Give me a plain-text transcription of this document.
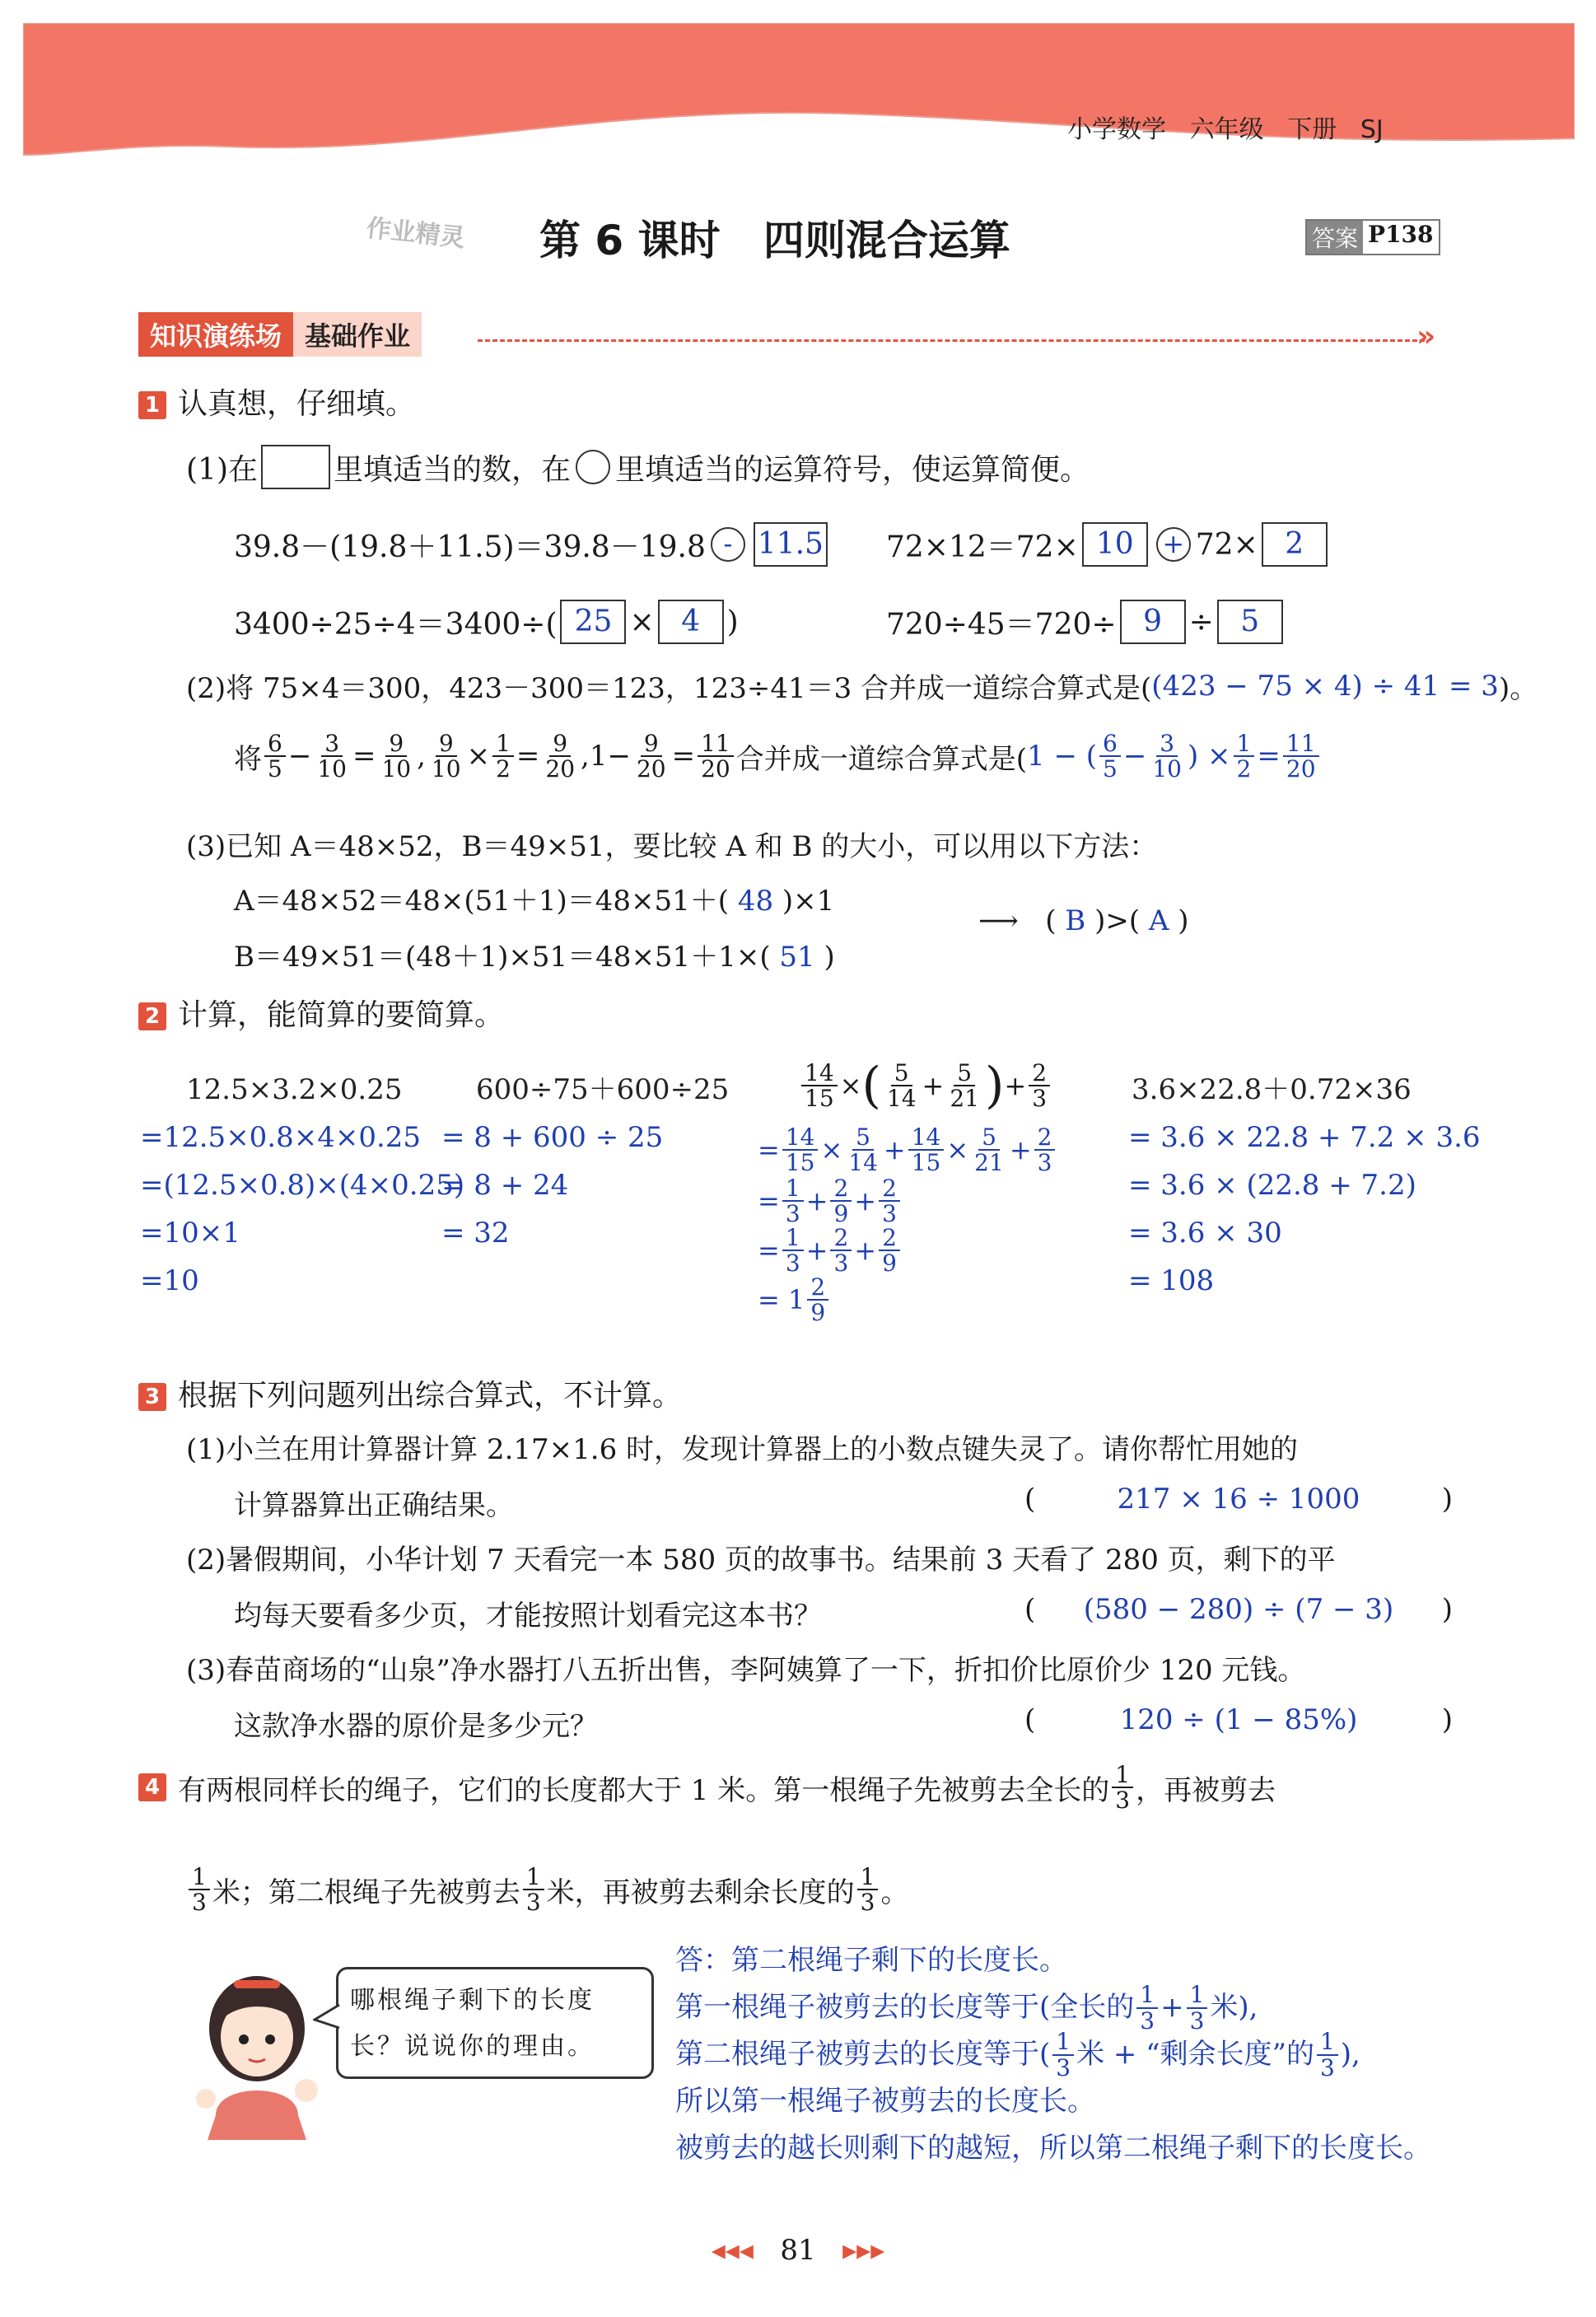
小学数学 六年级 下册 SJ
作业精灵 第 6 课时 四则混合运算	答案 P138
知识演练场 基础作业	»
1 认真想，仔细填。
(1)在	里填适当的数，在 里填适当的运算符号，使运算简便。
39.8－(19.8＋11.5)＝39.8－19.8 - 11.5 72×12＝72× 10	+ 72× 2
3400÷25÷4＝3400÷( 25 × 4 )	720÷45＝720÷ 9 ÷ 5
(2)将 75×4＝300，423－300＝123，123÷41＝3 合并成一道综合算式是( (423 − 75 × 4) ÷ 41 = 3 )。
将 $\frac{6}{5} - \frac{3}{10} = \frac{9}{10}$ , $\frac{9}{10} \times \frac{1}{2} = \frac{9}{20} ,1- \frac{9}{20} = \frac{11}{20}$ 合并成一道综合算式是( 1 − ( $\frac{6}{5} - \frac{3}{10}$ ) × $\frac{1}{2} = \frac{11}{20}$
(3)已知 A＝48×52，B＝49×51，要比较 A 和 B 的大小，可以用以下方法：
A＝48×52＝48×(51＋1)＝48×51＋( 48 )×1
B＝49×51＝(48＋1)×51＝48×51＋1×( 51 )
⟶ ( B )>( A )
2 计算，能简算的要简算。
12.5×3.2×0.25
=12.5×0.8×4×0.25
=(12.5×0.8)×(4×0.25)
=10×1
=10
600÷75＋600÷25
= 8 + 600 ÷ 25
= 8 + 24
= 32
$\frac{14}{15}$ × ( $\frac{5}{14} + \frac{5}{21}$ ) + $\frac{2}{3}$
= $\frac{14}{15} \times \frac{5}{14} + \frac{14}{15} \times \frac{5}{21} + \frac{2}{3}$
= $\frac{1}{3} + \frac{2}{9} + \frac{2}{3}$
= $\frac{1}{3} + \frac{2}{3} + \frac{2}{9}$
=
$1 \frac{2}{9}$
3.6×22.8＋0.72×36
= 3.6 × 22.8 + 7.2 × 3.6
= 3.6 × (22.8 + 7.2)
= 3.6 × 30
= 108
3 根据下列问题列出综合算式，不计算。
(1)小兰在用计算器计算 2.17×1.6 时，发现计算器上的小数点键失灵了。请你帮忙用她的
计算器算出正确结果。	(	217 × 16 ÷ 1000	)
(2)暑假期间，小华计划 7 天看完一本 580 页的故事书。结果前 3 天看了 280 页，剩下的平
均每天要看多少页，才能按照计划看完这本书？	( (580 − 280) ÷ (7 − 3) )
(3)春苗商场的“山泉”净水器打八五折出售，李阿姨算了一下，折扣价比原价少 120 元钱。
这款净水器的原价是多少元？	(	120 ÷ (1 − 85%)	)
4 有两根同样长的绳子，它们的长度都大于 1 米。第一根绳子先被剪去全长的 $\frac{1}{3}$ ，再被剪去
$\frac{1}{3}$ 米；第二根绳子先被剪去 $\frac{1}{3}$ 米，再被剪去剩余长度的 $\frac{1}{3}$ 。
哪根绳子剩下的长度长？说说你的理由。
答：第二根绳子剩下的长度长。
第一根绳子被剪去的长度等于(全长的 $\frac{1}{3} + \frac{1}{3}$ 米),
第二根绳子被剪去的长度等于( $\frac{1}{3}$ 米 + “剩余长度”的 $\frac{1}{3}$ ),
所以第一根绳子被剪去的长度长。
被剪去的越长则剩下的越短，所以第二根绳子剩下的长度长。
◂◂◂ 81 ▸▸▸
